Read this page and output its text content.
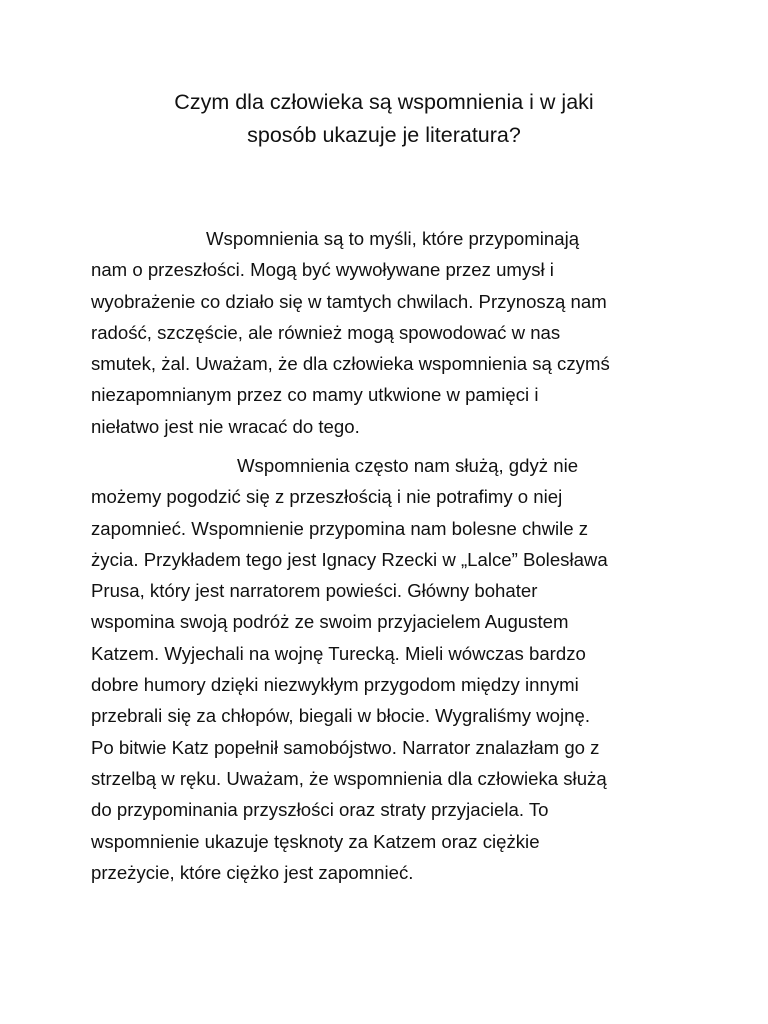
Czym dla człowieka są wspomnienia i w jaki
sposób ukazuje je literatura?

Wspomnienia są to myśli, które przypominają
nam o przeszłości. Mogą być wywoływane przez umysł i
wyobrażenie co działo się w tamtych chwilach. Przynoszą nam
radość, szczęście, ale również mogą spowodować w nas
smutek, żal. Uważam, że dla człowieka wspomnienia są czymś
niezapomnianym przez co mamy utkwione w pamięci i
niełatwo jest nie wracać do tego.

Wspomnienia często nam służą, gdyż nie
możemy pogodzić się z przeszłością i nie potrafimy o niej
zapomnieć. Wspomnienie przypomina nam bolesne chwile z
życia. Przykładem tego jest Ignacy Rzecki w „Lalce” Bolesława
Prusa, który jest narratorem powieści. Główny bohater
wspomina swoją podróż ze swoim przyjacielem Augustem
Katzem. Wyjechali na wojnę Turecką. Mieli wówczas bardzo
dobre humory dzięki niezwykłym przygodom między innymi
przebrali się za chłopów, biegali w błocie. Wygraliśmy wojnę.
Po bitwie Katz popełnił samobójstwo. Narrator znalazłam go z
strzelbą w ręku. Uważam, że wspomnienia dla człowieka służą
do przypominania przyszłości oraz straty przyjaciela. To
wspomnienie ukazuje tęsknoty za Katzem oraz ciężkie
przeżycie, które ciężko jest zapomnieć.
